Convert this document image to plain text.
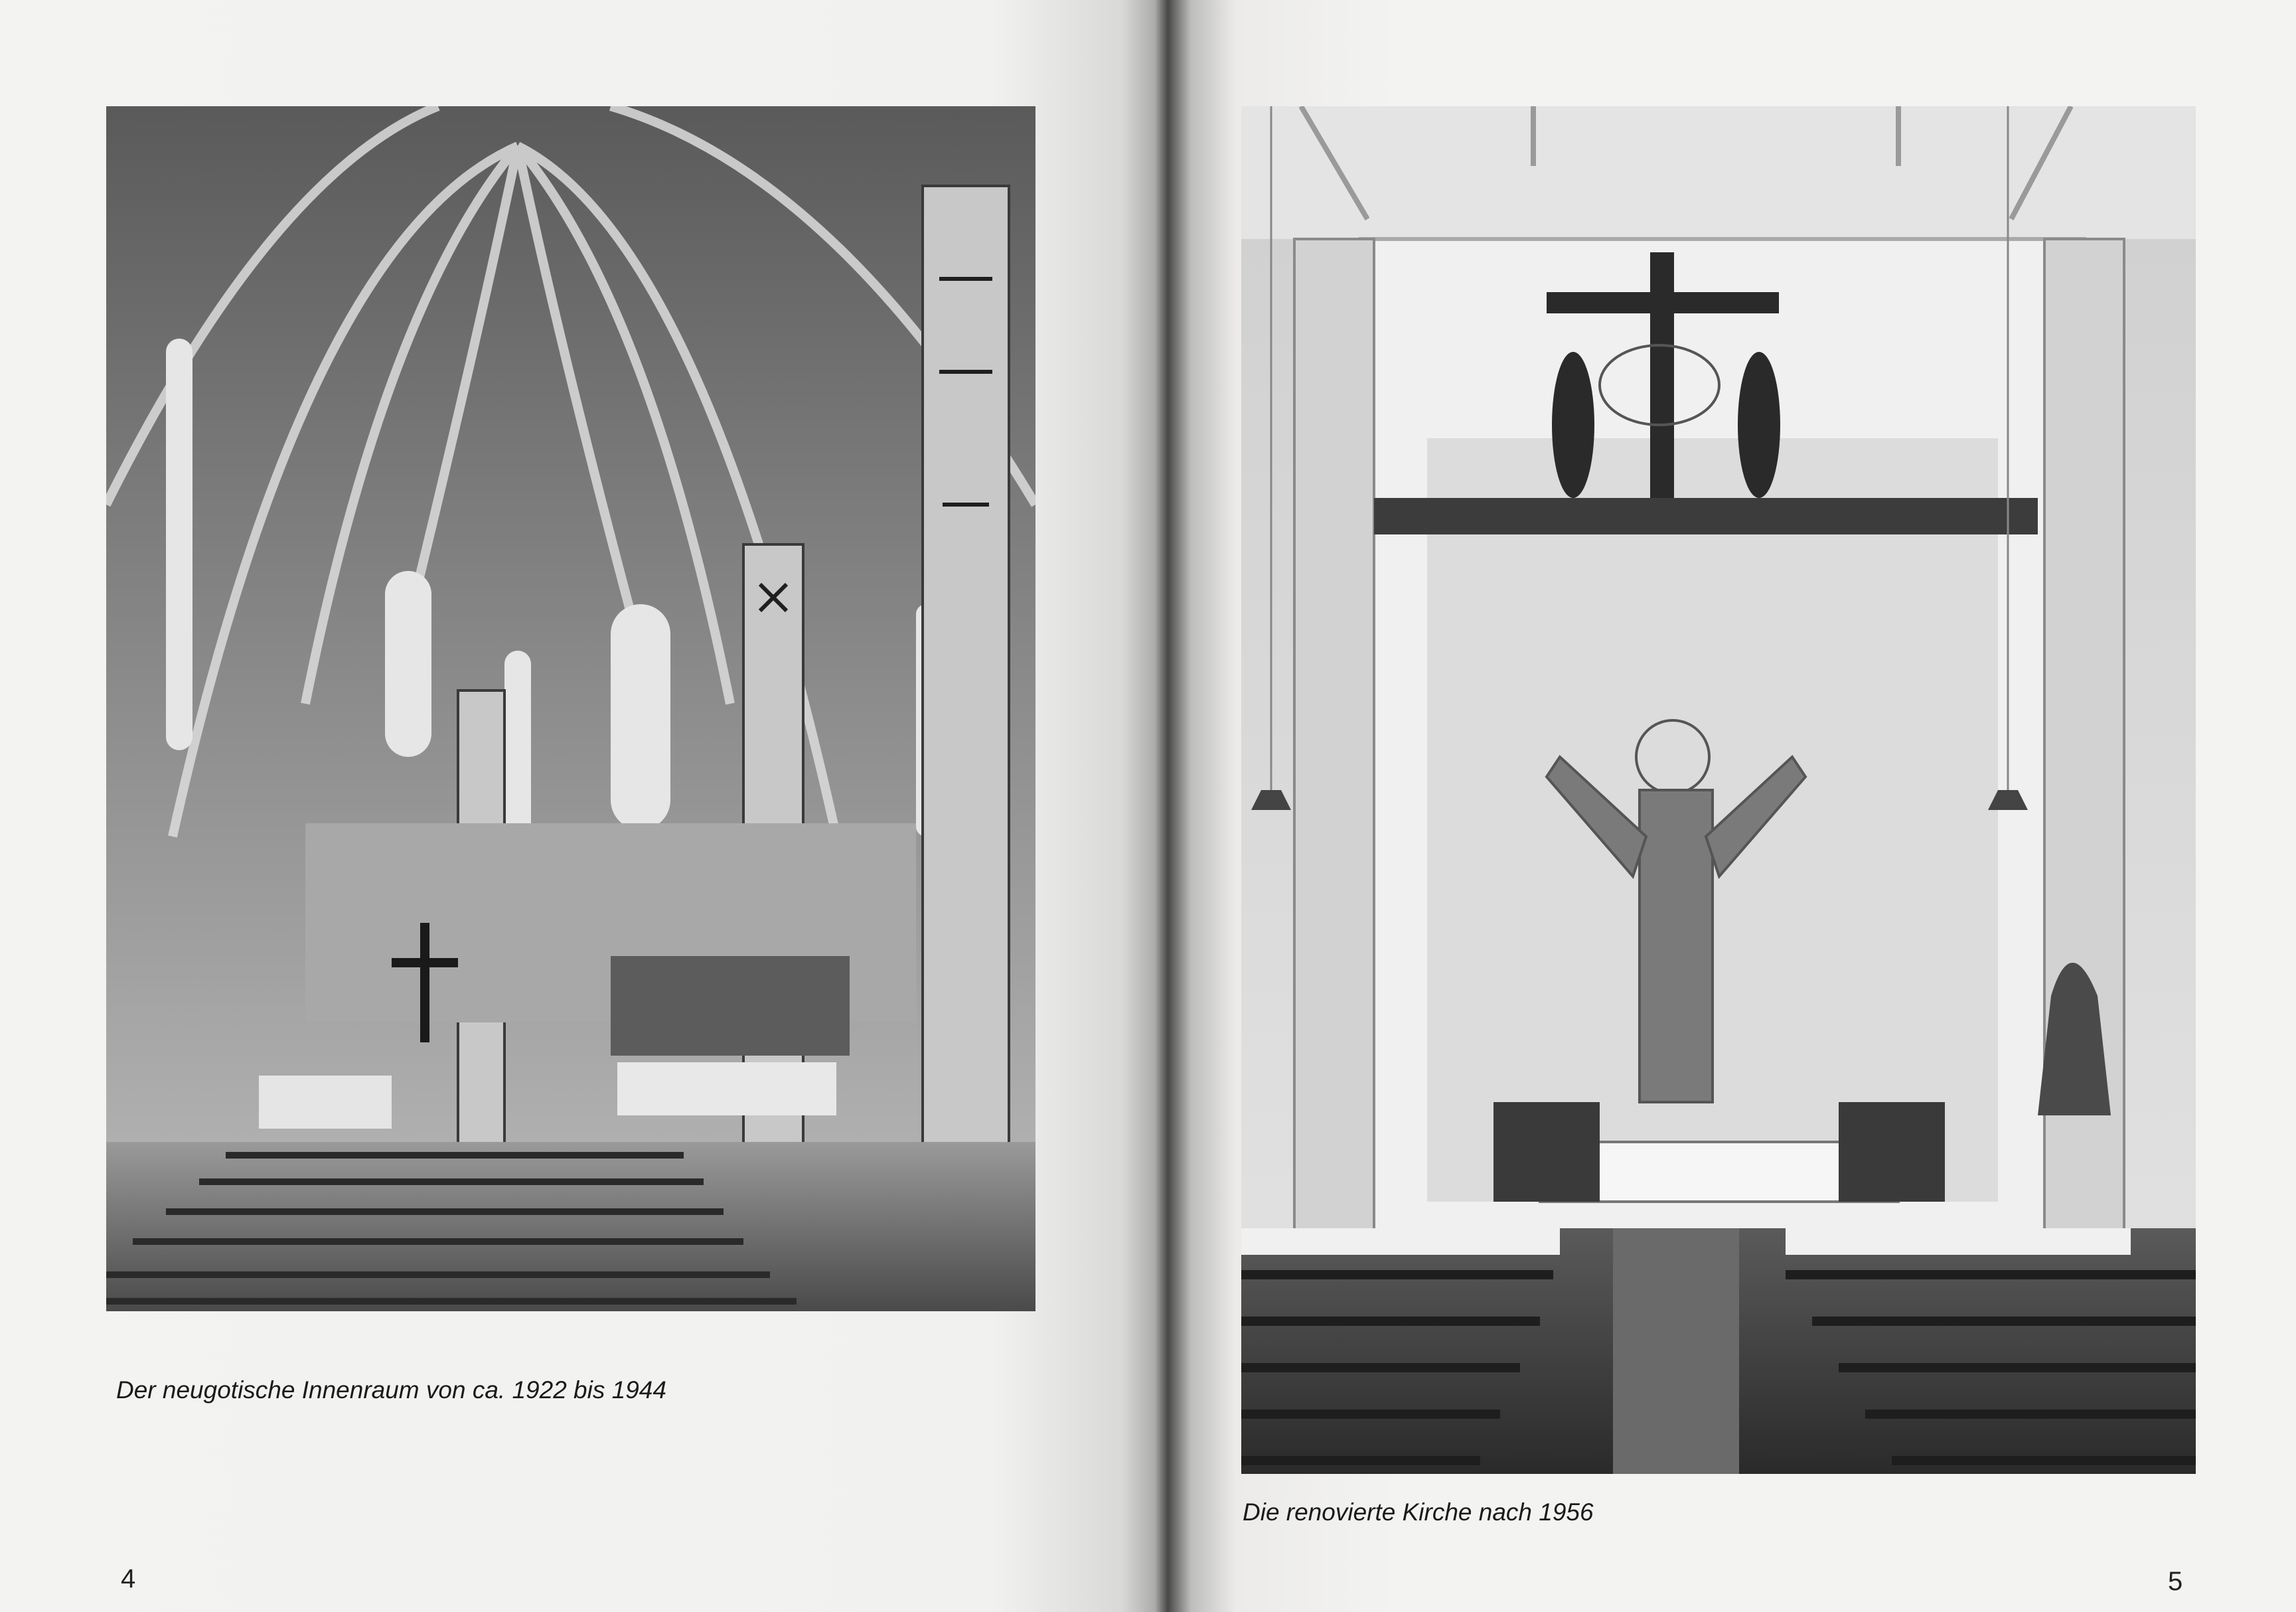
Der neugotische Innenraum von ca. 1922 bis 1944
4
Die renovierte Kirche nach 1956
5
